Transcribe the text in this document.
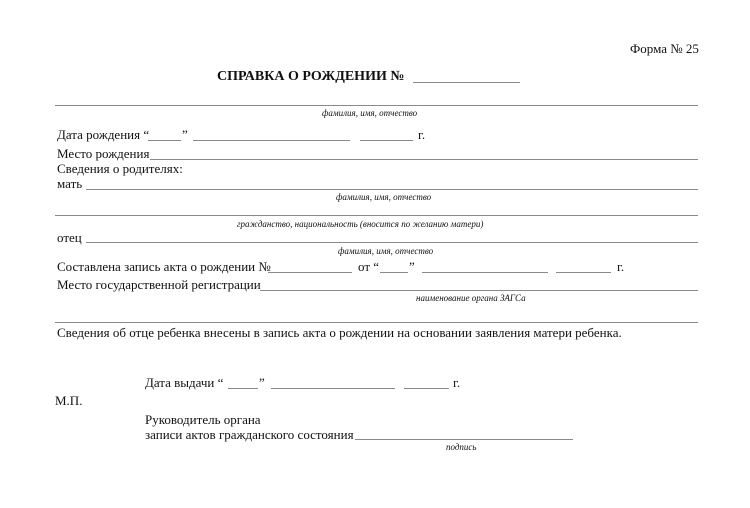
Форма № 25
СПРАВКА О РОЖДЕНИИ №
фамилия, имя, отчество
Дата рождения “	”	г.
Место рождения
Сведения о родителях:
мать
фамилия, имя, отчество
гражданство, национальность (вносится по желанию матери)
отец
фамилия, имя, отчество
Составлена запись акта о рождении №	от “ ”	г.
Место государственной регистрации
наименование органа ЗАГСа
Сведения об отце ребенка внесены в запись акта о рождении на основании заявления матери ребенка.
Дата выдачи “	”	г.
М.П.
Руководитель органа
записи актов гражданского состояния
подпись
